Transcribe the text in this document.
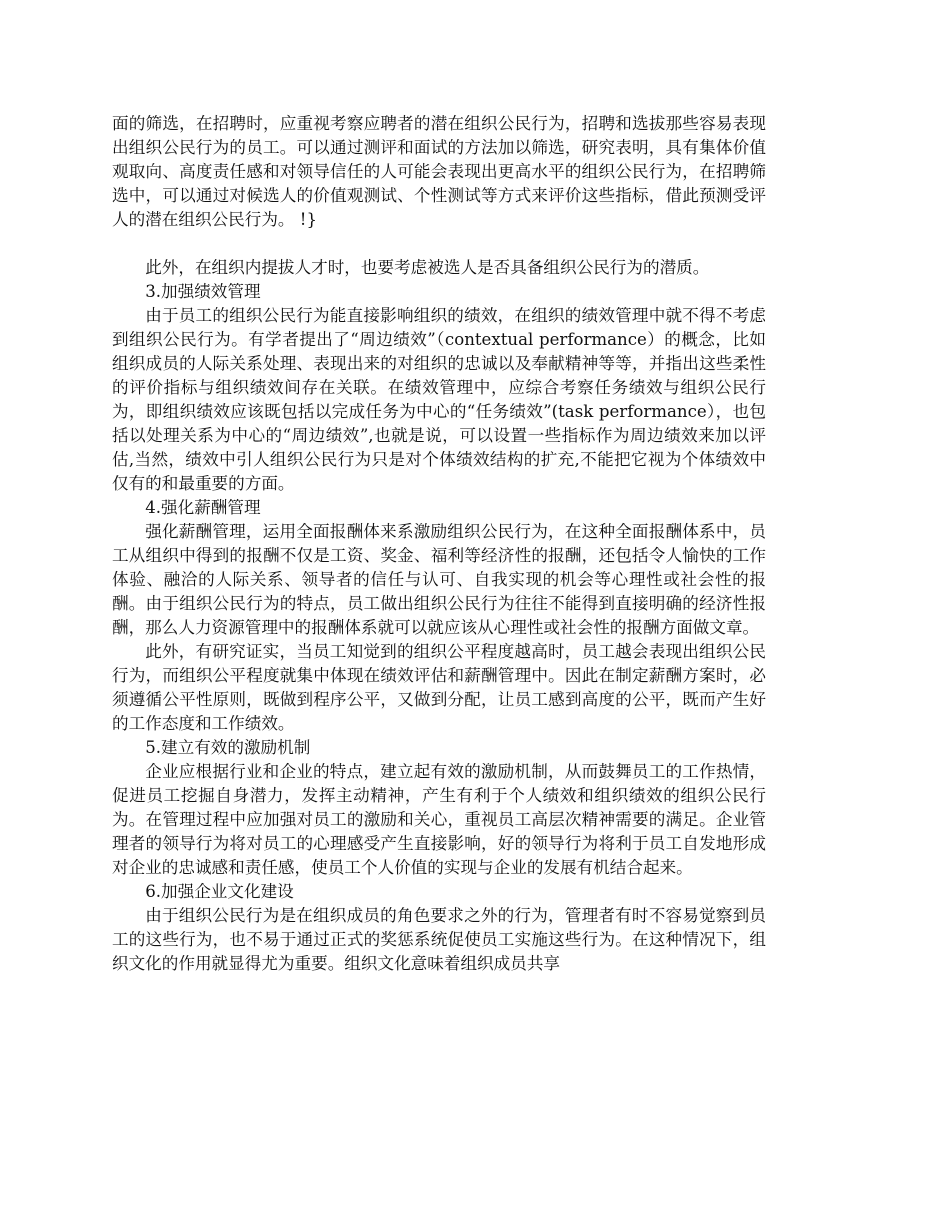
面的筛选，在招聘时，应重视考察应聘者的潜在组织公民行为，招聘和选拔那些容易表现出组织公民行为的员工。可以通过测评和面试的方法加以筛选，研究表明，具有集体价值观取向、高度责任感和对领导信任的人可能会表现出更高水平的组织公民行为，在招聘筛选中，可以通过对候选人的价值观测试、个性测试等方式来评价这些指标，借此预测受评人的潜在组织公民行为。 !}

此外，在组织内提拔人才时，也要考虑被选人是否具备组织公民行为的潜质。

3.加强绩效管理

由于员工的组织公民行为能直接影响组织的绩效，在组织的绩效管理中就不得不考虑到组织公民行为。有学者提出了“周边绩效”（contextual performance）的概念，比如组织成员的人际关系处理、表现出来的对组织的忠诚以及奉献精神等等，并指出这些柔性的评价指标与组织绩效间存在关联。在绩效管理中，应综合考察任务绩效与组织公民行为，即组织绩效应该既包括以完成任务为中心的“任务绩效”(task performance），也包括以处理关系为中心的“周边绩效”,也就是说，可以设置一些指标作为周边绩效来加以评估,当然，绩效中引人组织公民行为只是对个体绩效结构的扩充,不能把它视为个体绩效中仅有的和最重要的方面。

4.强化薪酬管理

强化薪酬管理，运用全面报酬体来系激励组织公民行为，在这种全面报酬体系中，员工从组织中得到的报酬不仅是工资、奖金、福利等经济性的报酬，还包括令人愉快的工作体验、融洽的人际关系、领导者的信任与认可、自我实现的机会等心理性或社会性的报酬。由于组织公民行为的特点，员工做出组织公民行为往往不能得到直接明确的经济性报酬，那么人力资源管理中的报酬体系就可以就应该从心理性或社会性的报酬方面做文章。

此外，有研究证实，当员工知觉到的组织公平程度越高时，员工越会表现出组织公民行为，而组织公平程度就集中体现在绩效评估和薪酬管理中。因此在制定薪酬方案时，必须遵循公平性原则，既做到程序公平，又做到分配，让员工感到高度的公平，既而产生好的工作态度和工作绩效。

5.建立有效的激励机制

企业应根据行业和企业的特点，建立起有效的激励机制，从而鼓舞员工的工作热情，促进员工挖掘自身潜力，发挥主动精神，产生有利于个人绩效和组织绩效的组织公民行为。在管理过程中应加强对员工的激励和关心，重视员工高层次精神需要的满足。企业管理者的领导行为将对员工的心理感受产生直接影响，好的领导行为将利于员工自发地形成对企业的忠诚感和责任感，使员工个人价值的实现与企业的发展有机结合起来。

6.加强企业文化建设

由于组织公民行为是在组织成员的角色要求之外的行为，管理者有时不容易觉察到员工的这些行为，也不易于通过正式的奖惩系统促使员工实施这些行为。在这种情况下，组织文化的作用就显得尤为重要。组织文化意味着组织成员共享
